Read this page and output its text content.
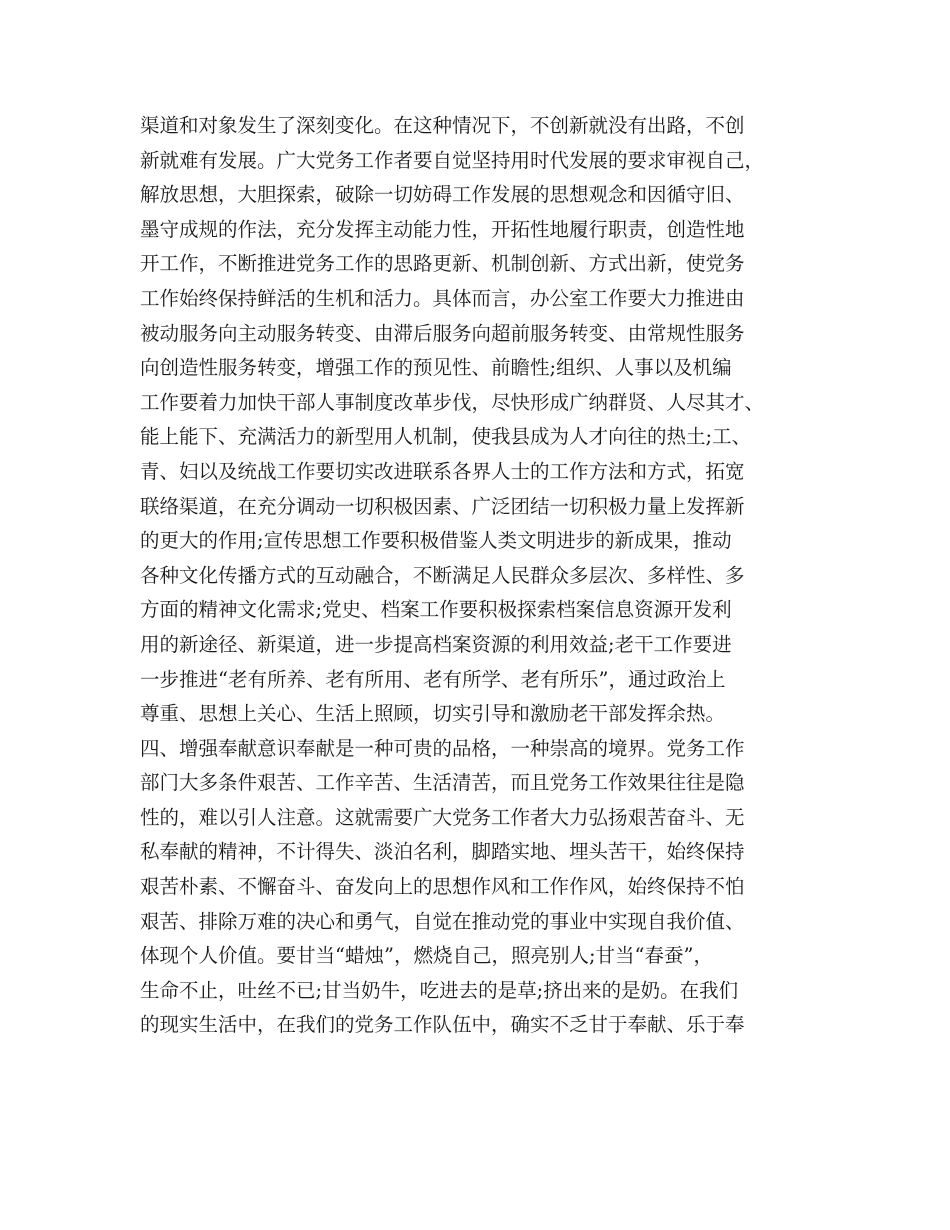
渠道和对象发生了深刻变化。在这种情况下，不创新就没有出路，不创
新就难有发展。广大党务工作者要自觉坚持用时代发展的要求审视自己，
解放思想，大胆探索，破除一切妨碍工作发展的思想观念和因循守旧、
墨守成规的作法，充分发挥主动能力性，开拓性地履行职责，创造性地
开工作，不断推进党务工作的思路更新、机制创新、方式出新，使党务
工作始终保持鲜活的生机和活力。具体而言，办公室工作要大力推进由
被动服务向主动服务转变、由滞后服务向超前服务转变、由常规性服务
向创造性服务转变，增强工作的预见性、前瞻性;组织、人事以及机编
工作要着力加快干部人事制度改革步伐，尽快形成广纳群贤、人尽其才、
能上能下、充满活力的新型用人机制，使我县成为人才向往的热土;工、
青、妇以及统战工作要切实改进联系各界人士的工作方法和方式，拓宽
联络渠道，在充分调动一切积极因素、广泛团结一切积极力量上发挥新
的更大的作用;宣传思想工作要积极借鉴人类文明进步的新成果，推动
各种文化传播方式的互动融合，不断满足人民群众多层次、多样性、多
方面的精神文化需求;党史、档案工作要积极探索档案信息资源开发利
用的新途径、新渠道，进一步提高档案资源的利用效益;老干工作要进
一步推进“老有所养、老有所用、老有所学、老有所乐”，通过政治上
尊重、思想上关心、生活上照顾，切实引导和激励老干部发挥余热。
四、增强奉献意识奉献是一种可贵的品格，一种崇高的境界。党务工作
部门大多条件艰苦、工作辛苦、生活清苦，而且党务工作效果往往是隐
性的，难以引人注意。这就需要广大党务工作者大力弘扬艰苦奋斗、无
私奉献的精神，不计得失、淡泊名利，脚踏实地、埋头苦干，始终保持
艰苦朴素、不懈奋斗、奋发向上的思想作风和工作作风，始终保持不怕
艰苦、排除万难的决心和勇气，自觉在推动党的事业中实现自我价值、
体现个人价值。要甘当“蜡烛”，燃烧自己，照亮别人;甘当“春蚕”，
生命不止，吐丝不已;甘当奶牛，吃进去的是草;挤出来的是奶。在我们
的现实生活中，在我们的党务工作队伍中，确实不乏甘于奉献、乐于奉
